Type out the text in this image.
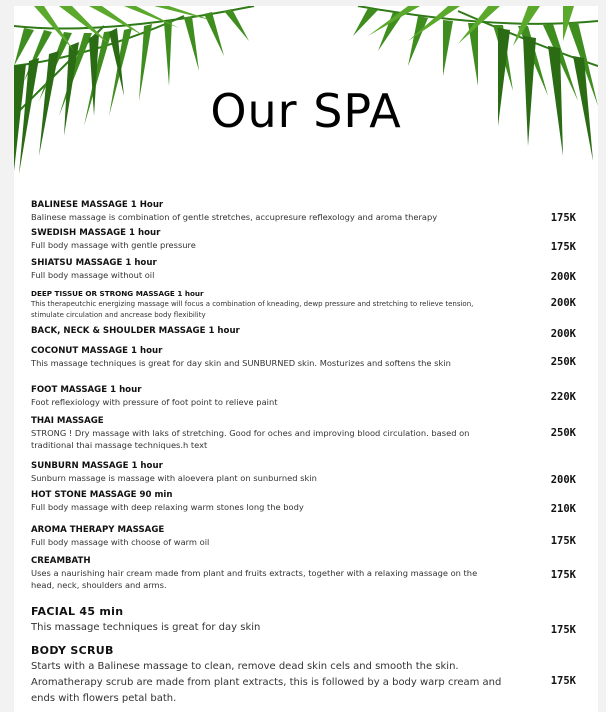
Our SPA
BALINESE MASSAGE 1 Hour
Balinese massage is combination of gentle stretches, accupresure reflexology and aroma therapy	175K
SWEDISH MASSAGE 1 hour
Full body massage with gentle pressure	175K
SHIATSU MASSAGE 1 hour
Full body massage without oil	200K
DEEP TISSUE OR STRONG MASSAGE 1 hour
This therapeutchic energizing massage will focus a combination of kneading, dewp pressure and stretching to relieve tension, stimulate circulation and ancrease body flexibility
200K
BACK, NECK & SHOULDER MASSAGE 1 hour	200K
COCONUT MASSAGE 1 hour
This massage techniques is great for day skin and SUNBURNED skin. Mosturizes and softens the skin	250K
FOOT MASSAGE 1 hour
Foot reflexiology with pressure of foot point to relieve paint	220K
THAI MASSAGE
STRONG ! Dry massage with laks of stretching. Good for oches and improving blood circulation. based on traditional thai massage techniques.h text
250K
SUNBURN MASSAGE 1 hour
Sunburn massage is massage with aloevera plant on sunburned skin	200K
HOT STONE MASSAGE 90 min
Full body massage with deep relaxing warm stones long the body	210K
AROMA THERAPY MASSAGE
Full body massage with choose of warm oil	175K
CREAMBATH
Uses a naurishing hair cream made from plant and fruits extracts, together with a relaxing massage on the head, neck, shoulders and arms.
175K
FACIAL 45 min
This massage techniques is great for day skin	175K
BODY SCRUB
Starts with a Balinese massage to clean, remove dead skin cels and smooth the skin. Aromatherapy scrub are made from plant extracts, this is followed by a body warp cream and ends with flowers petal bath.
175K
